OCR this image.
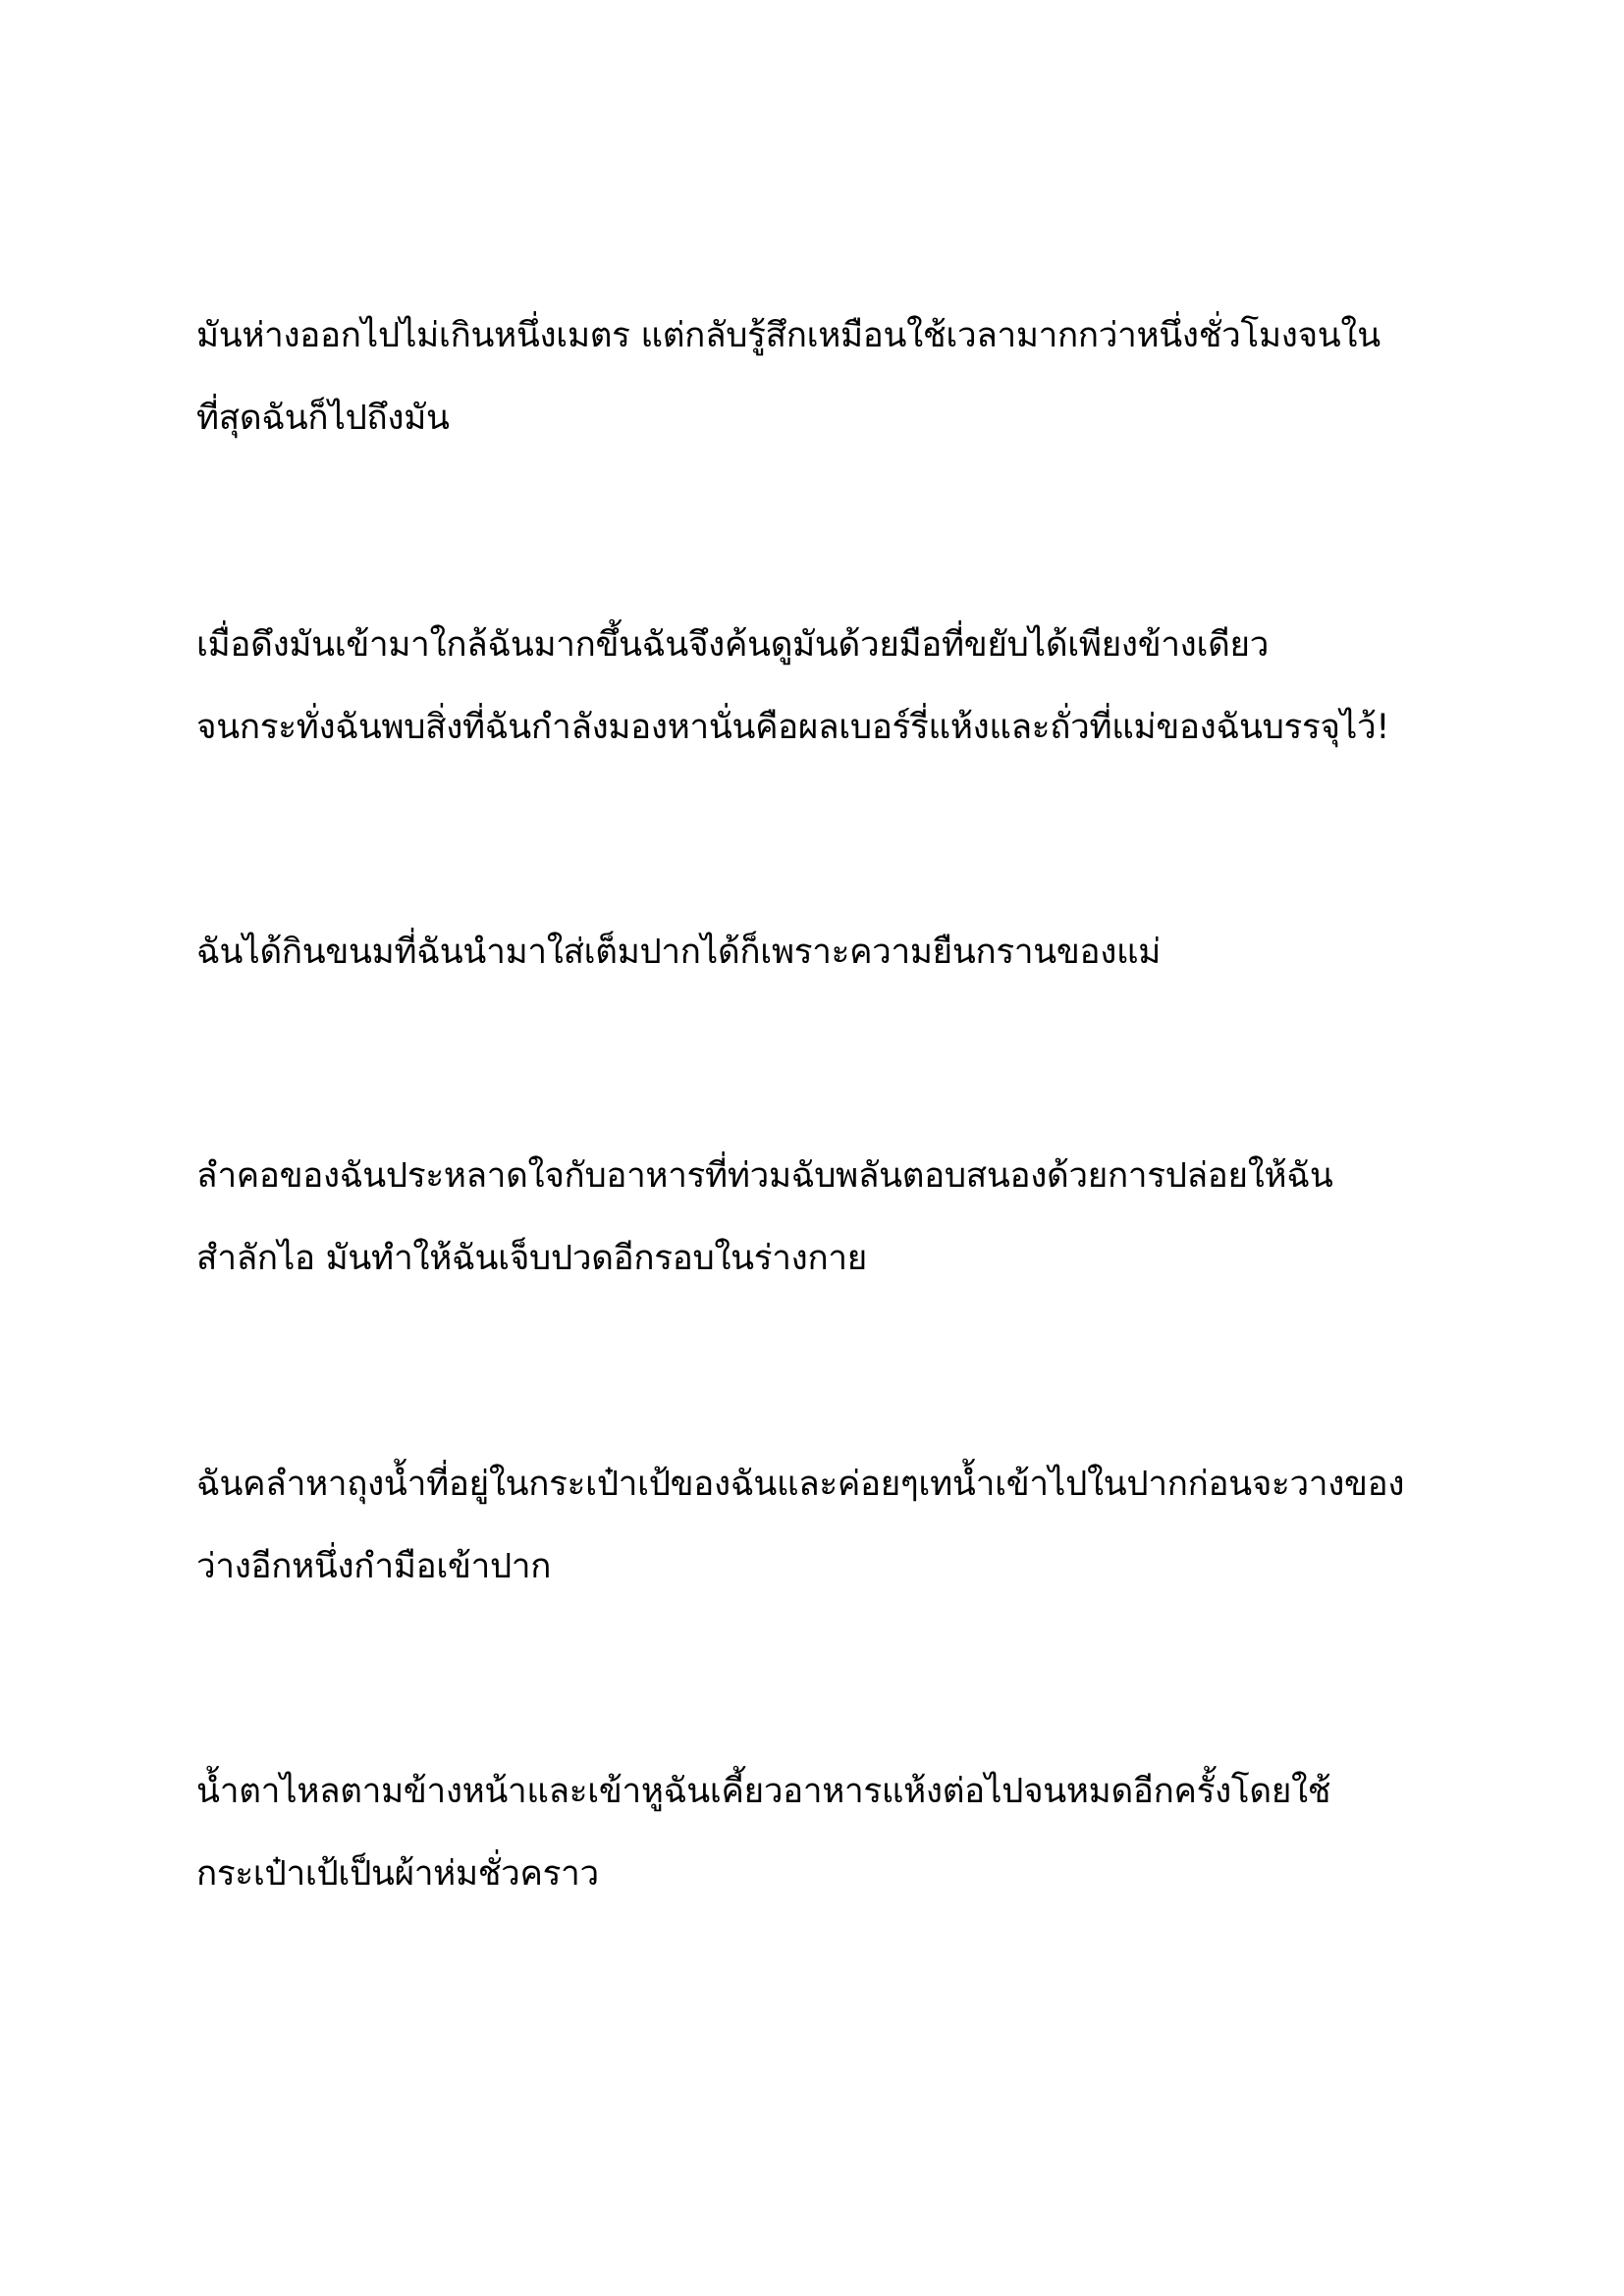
มันห่างออกไปไม่เกินหนึ่งเมตร แต่กลับรู้สึกเหมือนใช้เวลามากกว่าหนึ่งชั่วโมงจนใน
ที่สุดฉันก็ไปถึงมัน
เมื่อดึงมันเข้ามาใกล้ฉันมากขึ้นฉันจึงค้นดูมันด้วยมือที่ขยับได้เพียงข้างเดียว
จนกระทั่งฉันพบสิ่งที่ฉันกำลังมองหานั่นคือผลเบอร์รี่แห้งและถั่วที่แม่ของฉันบรรจุไว้!
ฉันได้กินขนมที่ฉันนำมาใส่เต็มปากได้ก็เพราะความยืนกรานของแม่
ลำคอของฉันประหลาดใจกับอาหารที่ท่วมฉับพลันตอบสนองด้วยการปล่อยให้ฉัน
สำลักไอ มันทำให้ฉันเจ็บปวดอีกรอบในร่างกาย
ฉันคลำหาถุงน้ำที่อยู่ในกระเป๋าเป้ของฉันและค่อยๆเทน้ำเข้าไปในปากก่อนจะวางของ
ว่างอีกหนึ่งกำมือเข้าปาก
น้ำตาไหลตามข้างหน้าและเข้าหูฉันเคี้ยวอาหารแห้งต่อไปจนหมดอีกครั้งโดยใช้
กระเป๋าเป้เป็นผ้าห่มชั่วคราว
